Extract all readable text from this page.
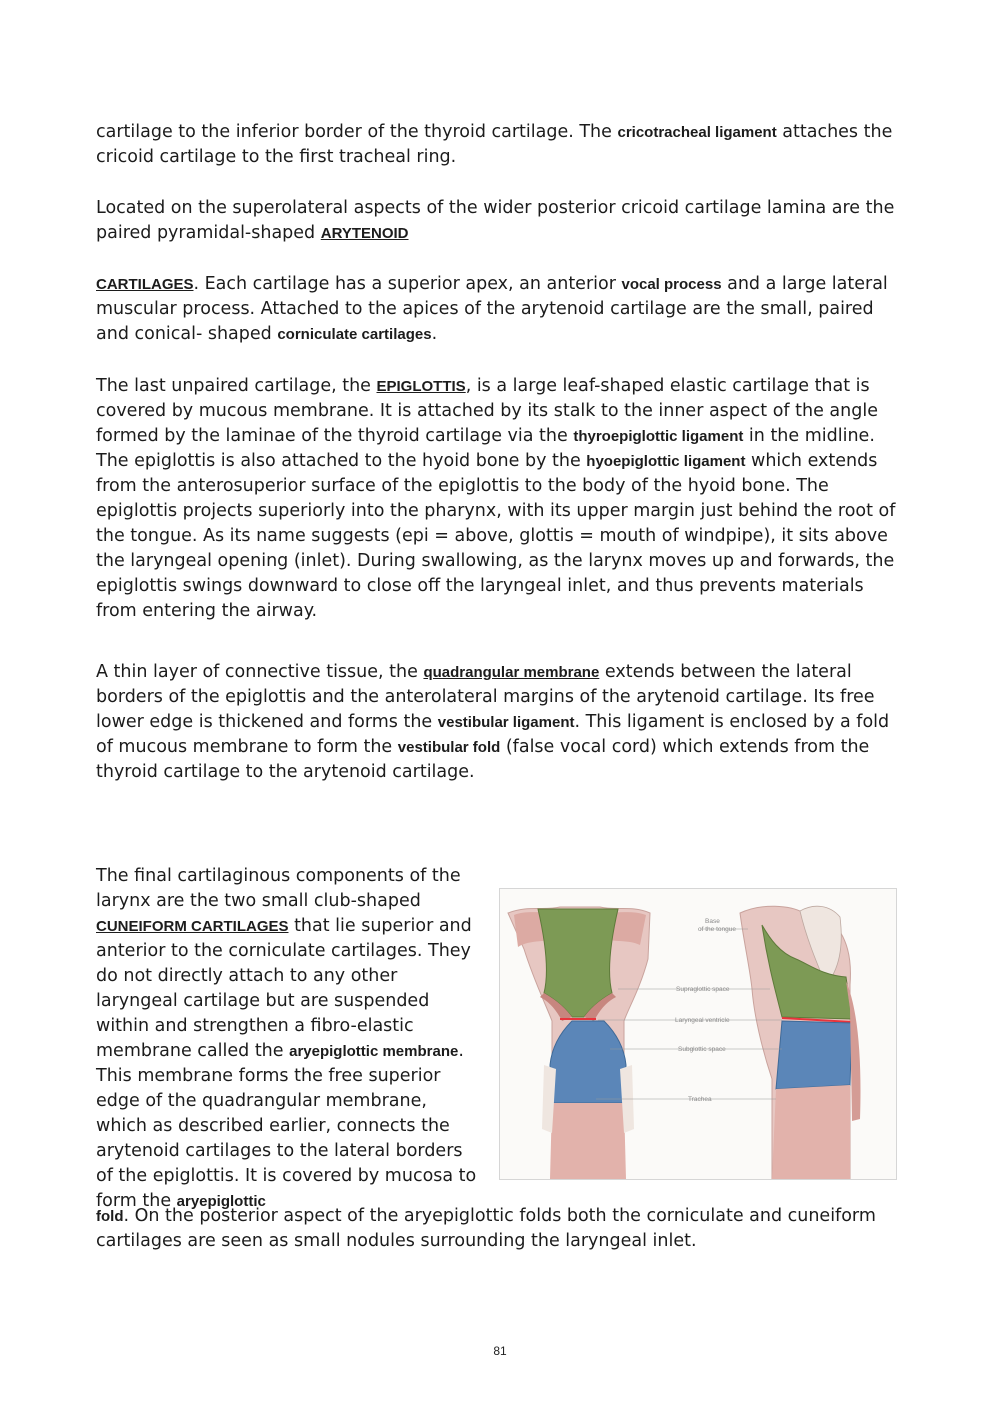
cartilage to the inferior border of the thyroid cartilage. The cricotracheal ligament attaches the cricoid cartilage to the first tracheal ring.

Located on the superolateral aspects of the wider posterior cricoid cartilage lamina are the paired pyramidal-shaped ARYTENOID

CARTILAGES. Each cartilage has a superior apex, an anterior vocal process and a large lateral muscular process. Attached to the apices of the arytenoid cartilage are the small, paired and conical- shaped corniculate cartilages.

The last unpaired cartilage, the EPIGLOTTIS, is a large leaf-shaped elastic cartilage that is covered by mucous membrane. It is attached by its stalk to the inner aspect of the angle formed by the laminae of the thyroid cartilage via the thyroepiglottic ligament in the midline. The epiglottis is also attached to the hyoid bone by the hyoepiglottic ligament which extends from the anterosuperior surface of the epiglottis to the body of the hyoid bone. The epiglottis projects superiorly into the pharynx, with its upper margin just behind the root of the tongue. As its name suggests (epi = above, glottis = mouth of windpipe), it sits above the laryngeal opening (inlet). During swallowing, as the larynx moves up and forwards, the epiglottis swings downward to close off the laryngeal inlet, and thus prevents materials from entering the airway.

A thin layer of connective tissue, the quadrangular membrane extends between the lateral borders of the epiglottis and the anterolateral margins of the arytenoid cartilage. Its free lower edge is thickened and forms the vestibular ligament. This ligament is enclosed by a fold of mucous membrane to form the vestibular fold (false vocal cord) which extends from the thyroid cartilage to the arytenoid cartilage.

The final cartilaginous components of the larynx are the two small club-shaped CUNEIFORM CARTILAGES that lie superior and anterior to the corniculate cartilages. They do not directly attach to any other laryngeal cartilage but are suspended within and strengthen a fibro-elastic membrane called the aryepiglottic membrane. This membrane forms the free superior edge of the quadrangular membrane, which as described earlier, connects the arytenoid cartilages to the lateral borders of the epiglottis. It is covered by mucosa to form the aryepiglottic

fold. On the posterior aspect of the aryepiglottic folds both the corniculate and cuneiform cartilages are seen as small nodules surrounding the laryngeal inlet.

Base of the tongue
Supraglottic space
Laryngeal ventricle
Subglottic space
Trachea
81
